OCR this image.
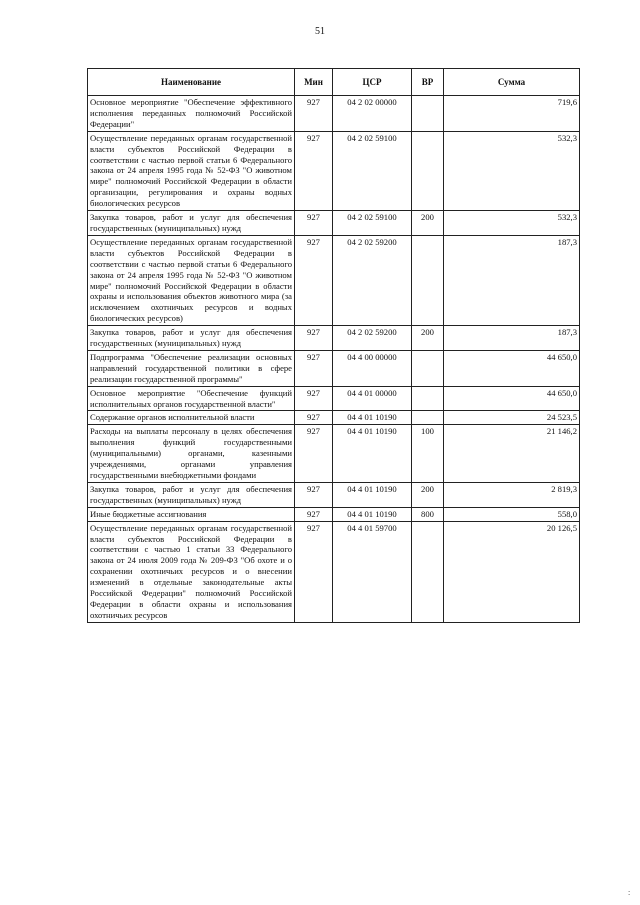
51
Наименование	Мин	ЦСР	ВР	Сумма
Основное мероприятие "Обеспечение эффективного исполнения переданных полномочий Российской Федерации"	927	04 2 02 00000		719,6
Осуществление переданных органам государственной власти субъектов Российской Федерации в соответствии с частью первой статьи 6 Федерального закона от 24 апреля 1995 года № 52-ФЗ "О животном мире" полномочий Российской Федерации в области организации, регулирования и охраны водных биологических ресурсов	927	04 2 02 59100		532,3
Закупка товаров, работ и услуг для обеспечения государственных (муниципальных) нужд	927	04 2 02 59100	200	532,3
Осуществление переданных органам государственной власти субъектов Российской Федерации в соответствии с частью первой статьи 6 Федерального закона от 24 апреля 1995 года № 52-ФЗ "О животном мире" полномочий Российской Федерации в области охраны и использования объектов животного мира (за исключением охотничьих ресурсов и водных биологических ресурсов)	927	04 2 02 59200		187,3
Закупка товаров, работ и услуг для обеспечения государственных (муниципальных) нужд	927	04 2 02 59200	200	187,3
Подпрограмма "Обеспечение реализации основных направлений государственной политики в сфере реализации государственной программы"	927	04 4 00 00000		44 650,0
Основное мероприятие "Обеспечение функций исполнительных органов государственной власти"	927	04 4 01 00000		44 650,0
Содержание органов исполнительной власти	927	04 4 01 10190		24 523,5
Расходы на выплаты персоналу в целях обеспечения выполнения функций государственными (муниципальными) органами, казенными учреждениями, органами управления государственными внебюджетными фондами	927	04 4 01 10190	100	21 146,2
Закупка товаров, работ и услуг для обеспечения государственных (муниципальных) нужд	927	04 4 01 10190	200	2 819,3
Иные бюджетные ассигнования	927	04 4 01 10190	800	558,0
Осуществление переданных органам государственной власти субъектов Российской Федерации в соответствии с частью 1 статьи 33 Федерального закона от 24 июля 2009 года № 209-ФЗ "Об охоте и о сохранении охотничьих ресурсов и о внесении изменений в отдельные законодательные акты Российской Федерации" полномочий Российской Федерации в области охраны и использования охотничьих ресурсов	927	04 4 01 59700		20 126,5
:
